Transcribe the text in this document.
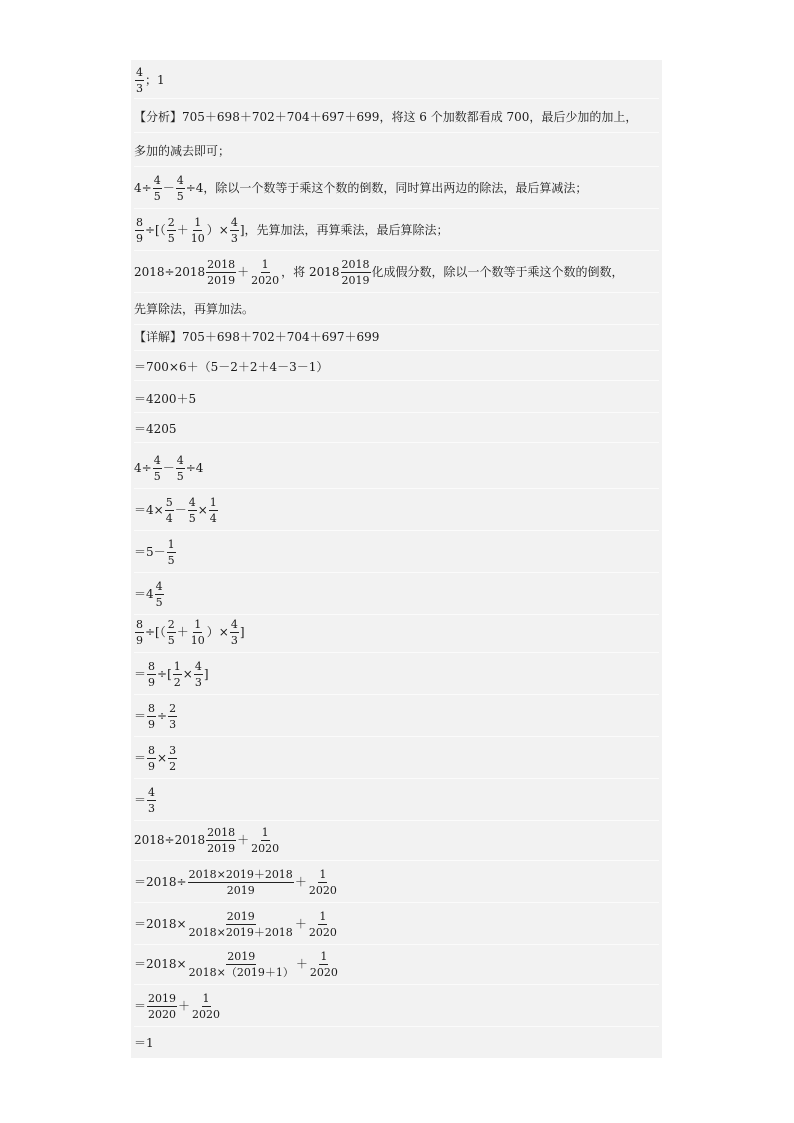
$\frac{4}{3}$ ； 1
【分析】 705＋698＋702＋704＋697＋699，将这 6 个加数都看成 700，最后少加的加上，
多加的减去即可；
$4\div \frac{4}{5} - \frac{4}{5} \div 4$，除以一个数等于乘这个数的倒数，同时算出两边的除法，最后算减法；
$\frac{8}{9}$ ÷[（ $\frac{2}{5} + \frac{1}{10}$ ）× $\frac{4}{3}$ ]，先算加法，再算乘法，最后算除法；
$2018\div 2018 \frac{2018}{2019} + \frac{1}{2020}$ ，将 $2018 \frac{2018}{2019}$ 化成假分数，除以一个数等于乘这个数的倒数，
先算除法，再算加法。
【详解】 705＋698＋702＋704＋697＋699
＝700×6＋（5－2＋2＋4－3－1）
＝4200＋5
＝4205
$4\div \frac{4}{5} - \frac{4}{5} \div 4$
$=4\times \frac{5}{4} - \frac{4}{5} \times \frac{1}{4}$
$=5- \frac{1}{5}$
$=4 \frac{4}{5}$
$\frac{8}{9}$ ÷[（ $\frac{2}{5} + \frac{1}{10}$ ）× $\frac{4}{3}$ ]
＝ $\frac{8}{9}$ ÷[ $\frac{1}{2} \times \frac{4}{3}$ ]
＝ $\frac{8}{9} \div \frac{2}{3}$
＝ $\frac{8}{9} \times \frac{3}{2}$
＝ $\frac{4}{3}$
$2018\div 2018 \frac{2018}{2019} + \frac{1}{2020}$
$=2018\div \frac{2018\times 2019+2018}{2019} + \frac{1}{2020}$
$=2018\times \frac{2019}{2018\times 2019+2018} + \frac{1}{2020}$
$=2018\times \frac{2019}{2018\times(2019+1)} + \frac{1}{2020}$
＝ $\frac{2019}{2020} + \frac{1}{2020}$
＝1
